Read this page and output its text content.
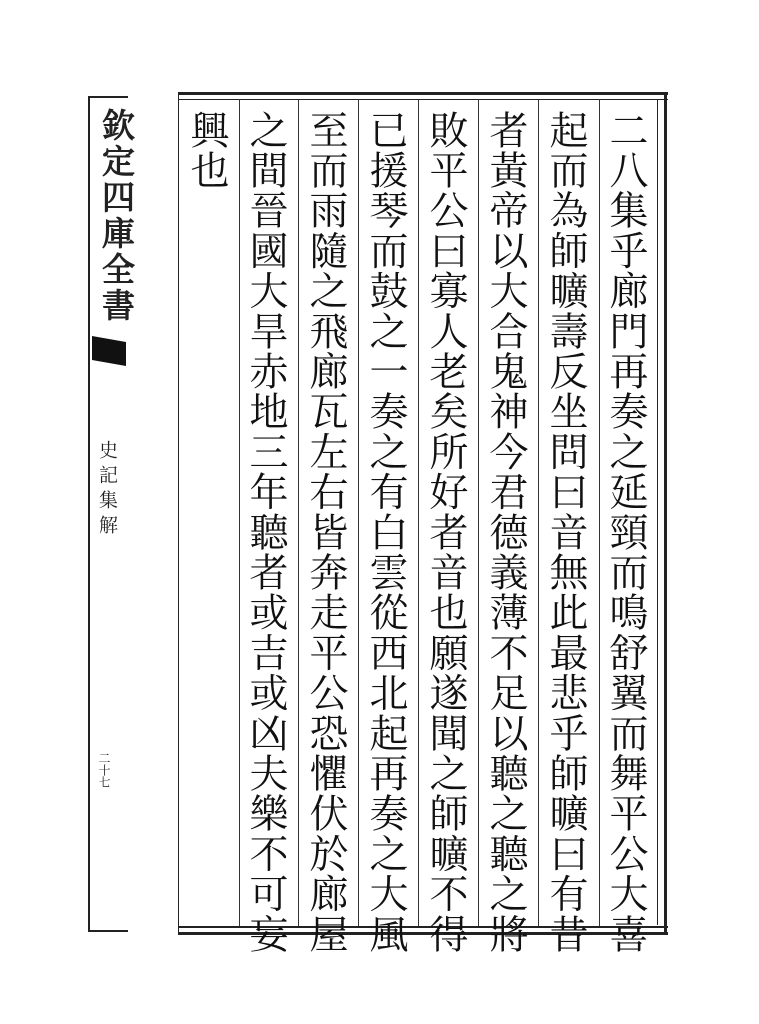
二八集乎廊門再奏之延頸而鳴舒翼而舞平公大喜
起而為師曠壽反坐問曰音無此最悲乎師曠曰有昔
者黃帝以大合鬼神今君德義薄不足以聽之聽之將
敗平公曰寡人老矣所好者音也願遂聞之師曠不得
已援琴而鼓之一奏之有白雲從西北起再奏之大風
至而雨隨之飛廊瓦左右皆奔走平公恐懼伏於廊屋
之間晉國大旱赤地三年聽者或吉或凶夫樂不可妄
興也
欽定四庫全書
史記集解
二十七
